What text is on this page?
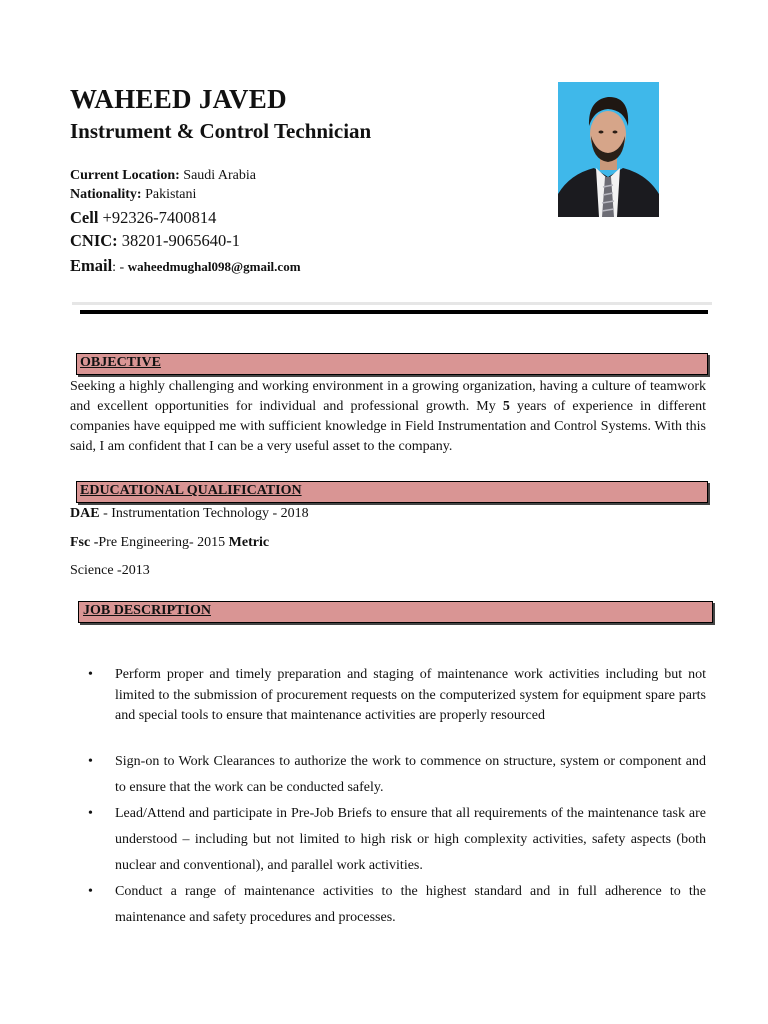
WAHEED JAVED
Instrument & Control Technician
Current Location: Saudi Arabia
Nationality: Pakistani
Cell +92326-7400814
CNIC: 38201-9065640-1
Email: - waheedmughal098@gmail.com
OBJECTIVE
Seeking a highly challenging and working environment in a growing organization, having a culture of teamwork and excellent opportunities for individual and professional growth. My 5 years of experience in different companies have equipped me with sufficient knowledge in Field Instrumentation and Control Systems. With this said, I am confident that I can be a very useful asset to the company.
EDUCATIONAL QUALIFICATION
DAE - Instrumentation Technology - 2018
Fsc -Pre Engineering- 2015 Metric
Science -2013
JOB DESCRIPTION
• Perform proper and timely preparation and staging of maintenance work activities including but not limited to the submission of procurement requests on the computerized system for equipment spare parts and special tools to ensure that maintenance activities are properly resourced
• Sign-on to Work Clearances to authorize the work to commence on structure, system or component and to ensure that the work can be conducted safely.
• Lead/Attend and participate in Pre-Job Briefs to ensure that all requirements of the maintenance task are understood – including but not limited to high risk or high complexity activities, safety aspects (both nuclear and conventional), and parallel work activities.
• Conduct a range of maintenance activities to the highest standard and in full adherence to the maintenance and safety procedures and processes.
